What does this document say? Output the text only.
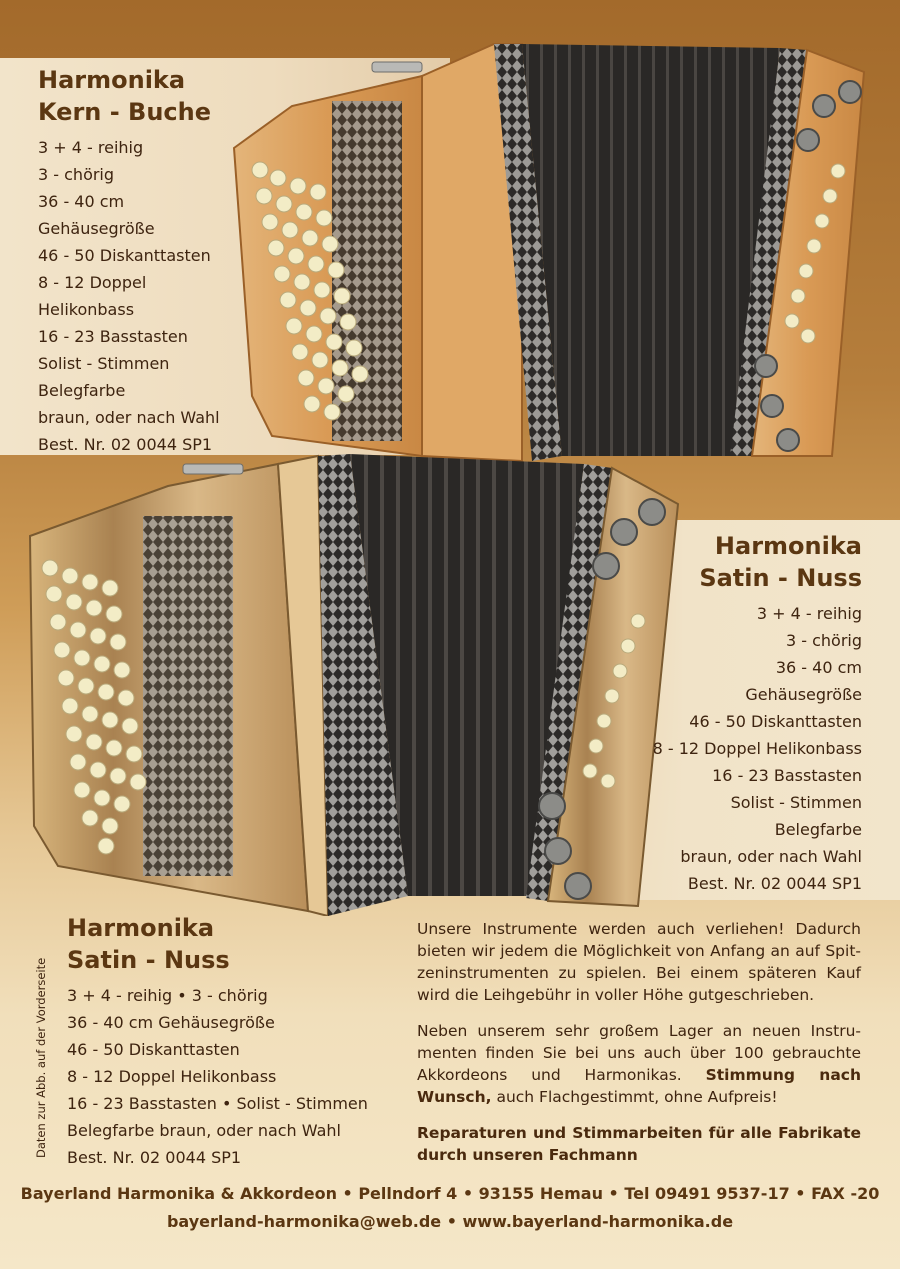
Harmonika
Kern - Buche
3 + 4 - reihig
3 - chörig
36 - 40 cm
Gehäusegröße
46 - 50 Diskanttasten
8 - 12 Doppel
Helikonbass
16 - 23 Basstasten
Solist - Stimmen
Belegfarbe
braun, oder nach Wahl
Best. Nr. 02 0044 SP1
Harmonika
Satin - Nuss
3 + 4 - reihig
3 - chörig
36 - 40 cm
Gehäusegröße
46 - 50 Diskanttasten
8 - 12 Doppel Helikonbass
16 - 23 Basstasten
Solist - Stimmen
Belegfarbe
braun, oder nach Wahl
Best. Nr. 02 0044 SP1
Daten zur Abb. auf der Vorderseite
Harmonika
Satin - Nuss
3 + 4 - reihig • 3 - chörig
36 - 40 cm Gehäusegröße
46 - 50 Diskanttasten
8 - 12 Doppel Helikonbass
16 - 23 Basstasten • Solist - Stimmen
Belegfarbe braun, oder nach Wahl
Best. Nr. 02 0044 SP1

Unsere Instrumente werden auch verliehen! Dadurch bieten wir jedem die Möglichkeit von Anfang an auf Spitzeninstrumenten zu spielen. Bei einem späteren Kauf wird die Leihgebühr in voller Höhe gutgeschrieben.

Neben unserem sehr großem Lager an neuen Instrumenten finden Sie bei uns auch über 100 gebrauchte Akkordeons und Harmonikas. Stimmung nach Wunsch, auch Flachgestimmt, ohne Aufpreis!

Reparaturen und Stimmarbeiten für alle Fabrikate durch unseren Fachmann

Bayerland Harmonika & Akkordeon • Pellndorf 4 • 93155 Hemau • Tel 09491 9537-17 • FAX -20
bayerland-harmonika@web.de • www.bayerland-harmonika.de
